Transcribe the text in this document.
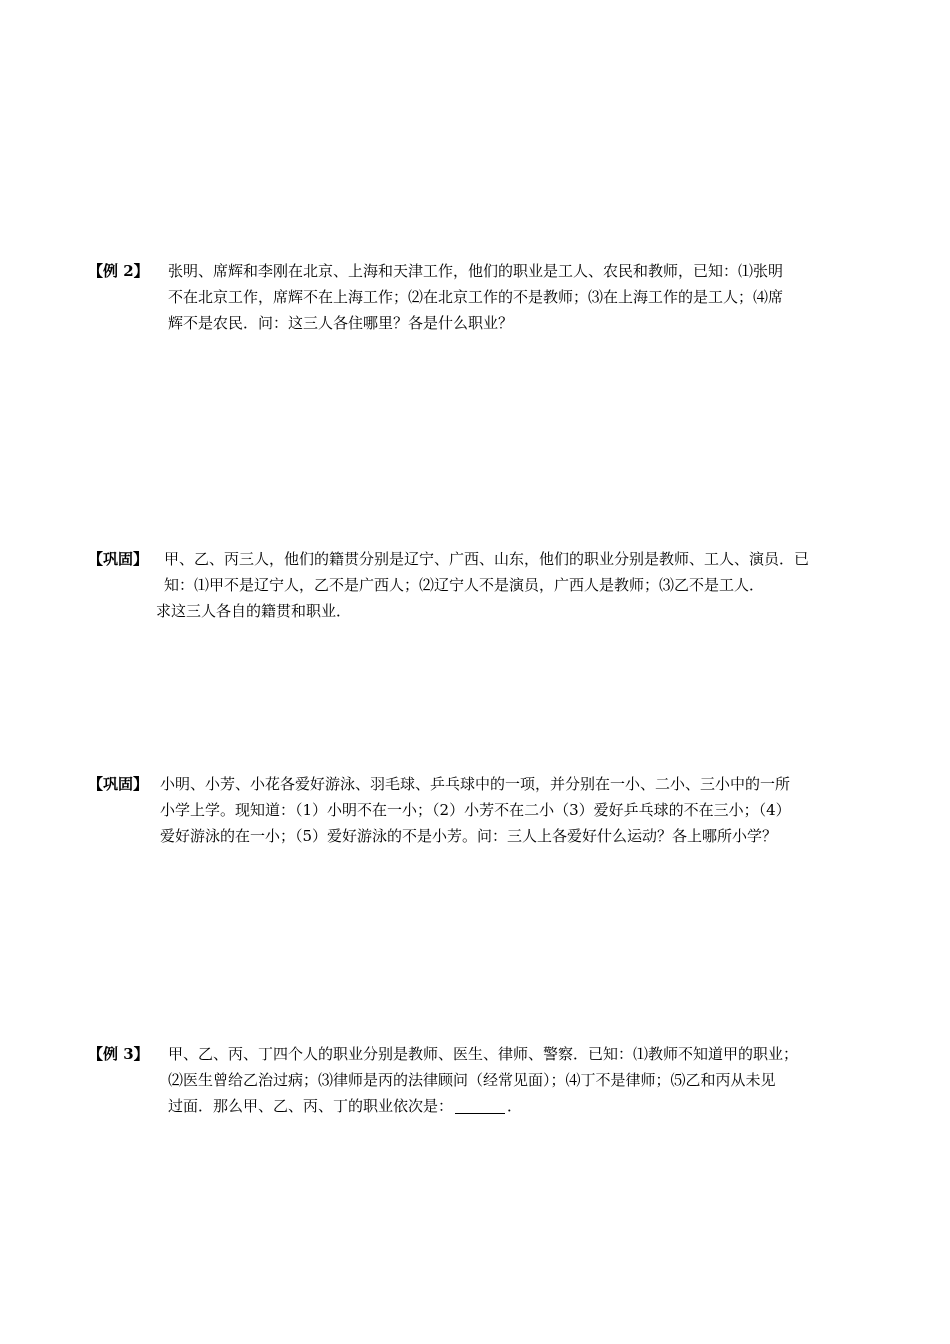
【例 2】 张明、席辉和李刚在北京、上海和天津工作，他们的职业是工人、农民和教师，已知：⑴张明
不在北京工作，席辉不在上海工作；⑵在北京工作的不是教师；⑶在上海工作的是工人；⑷席
辉不是农民．问：这三人各住哪里？各是什么职业？
【巩固】 甲、乙、丙三人，他们的籍贯分别是辽宁、广西、山东，他们的职业分别是教师、工人、演员．已
知：⑴甲不是辽宁人，乙不是广西人；⑵辽宁人不是演员，广西人是教师；⑶乙不是工人．
求这三人各自的籍贯和职业．
【巩固】 小明、小芳、小花各爱好游泳、羽毛球、乒乓球中的一项，并分别在一小、二小、三小中的一所
小学上学。现知道：（1）小明不在一小；（2）小芳不在二小（3）爱好乒乓球的不在三小；（4）
爱好游泳的在一小；（5）爱好游泳的不是小芳。问：三人上各爱好什么运动？各上哪所小学？
【例 3】 甲、乙、丙、丁四个人的职业分别是教师、医生、律师、警察．已知：⑴教师不知道甲的职业；
⑵医生曾给乙治过病；⑶律师是丙的法律顾问（经常见面）；⑷丁不是律师；⑸乙和丙从未见
过面．那么甲、乙、丙、丁的职业依次是：	．
